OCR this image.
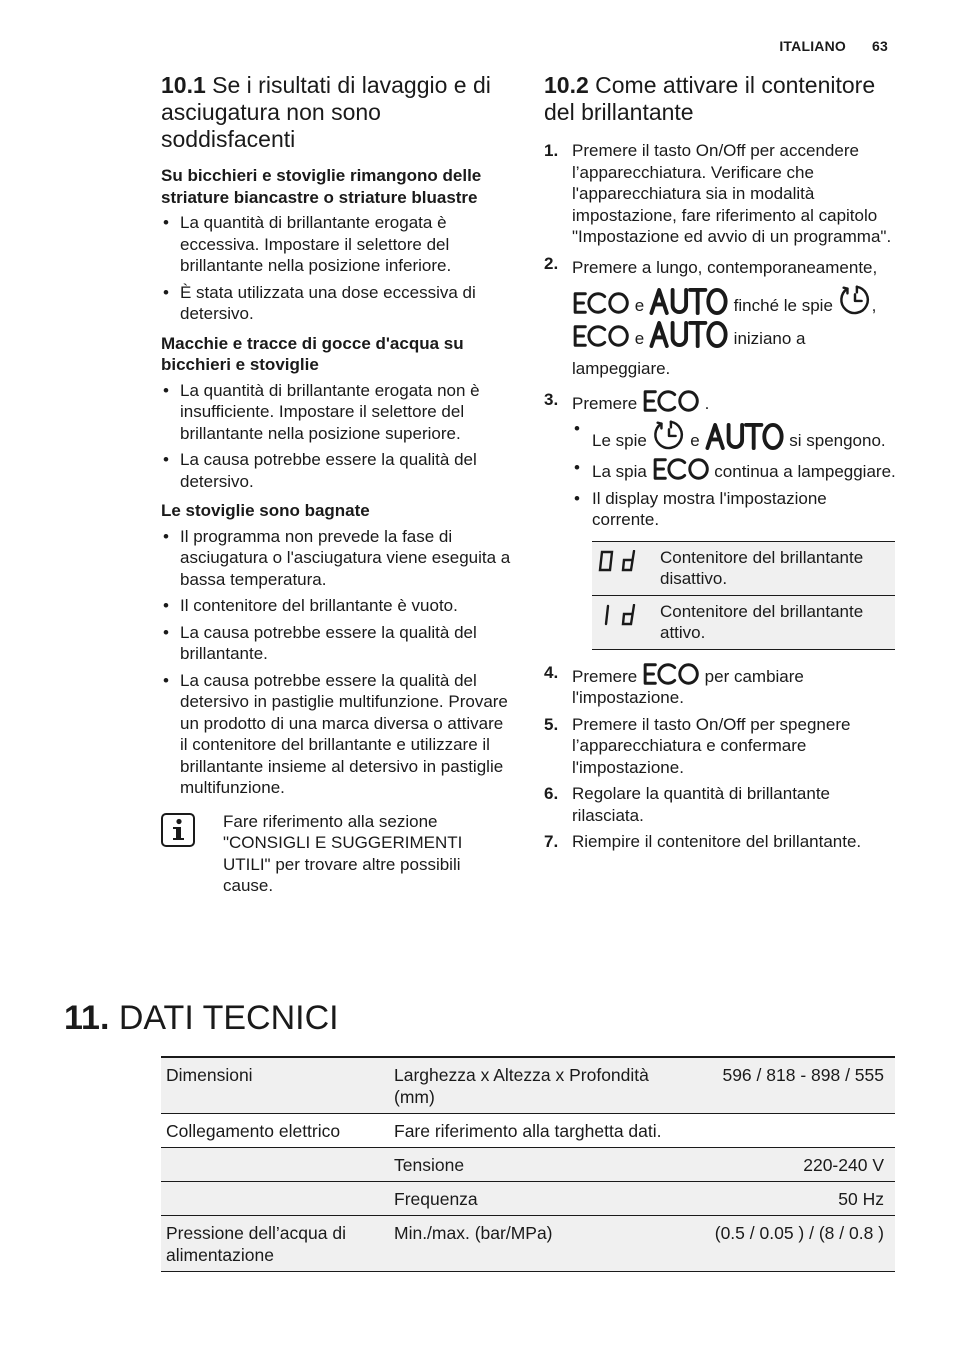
ITALIANO 63
10.1 Se i risultati di lavaggio e di asciugatura non sono soddisfacenti
Su bicchieri e stoviglie rimangono delle striature biancastre o striature bluastre
• La quantità di brillantante erogata è eccessiva. Impostare il selettore del brillantante nella posizione inferiore.
• È stata utilizzata una dose eccessiva di detersivo.
Macchie e tracce di gocce d'acqua su bicchieri e stoviglie
• La quantità di brillantante erogata non è insufficiente. Impostare il selettore del brillantante nella posizione superiore.
• La causa potrebbe essere la qualità del detersivo.
Le stoviglie sono bagnate
• Il programma non prevede la fase di asciugatura o l'asciugatura viene eseguita a bassa temperatura.
• Il contenitore del brillantante è vuoto.
• La causa potrebbe essere la qualità del brillantante.
• La causa potrebbe essere la qualità del detersivo in pastiglie multifunzione. Provare un prodotto di una marca diversa o attivare il contenitore del brillantante e utilizzare il brillantante insieme al detersivo in pastiglie multifunzione.
Fare riferimento alla sezione "CONSIGLI E SUGGERIMENTI UTILI" per trovare altre possibili cause.
10.2 Come attivare il contenitore del brillantante
1. Premere il tasto On/Off per accendere l’apparecchiatura. Verificare che l'apparecchiatura sia in modalità impostazione, fare riferimento al capitolo "Impostazione ed avvio di un programma".
2. Premere a lungo, contemporaneamente,  e	finché le spie ,  e	iniziano a lampeggiare.
3. Premere	.
• Le spie	e	si spengono.
• La spia	continua a lampeggiare.
• Il display mostra l'impostazione corrente.
	Contenitore del brillantante disattivo.

	Contenitore del brillantante attivo.
4. Premere	per cambiare l'impostazione.
5. Premere il tasto On/Off per spegnere l’apparecchiatura e confermare l'impostazione.
6. Regolare la quantità di brillantante rilasciata.
7. Riempire il contenitore del brillantante.
11. DATI TECNICI
Dimensioni	Larghezza x Altezza x Profondità (mm)	596 / 818 - 898 / 555
Collegamento elettrico	Fare riferimento alla targhetta dati.	
	Tensione	220-240 V
	Frequenza	50 Hz
Pressione dell’acqua di alimentazione	Min./max. (bar/MPa)	(0.5 / 0.05 ) / (8 / 0.8 )
